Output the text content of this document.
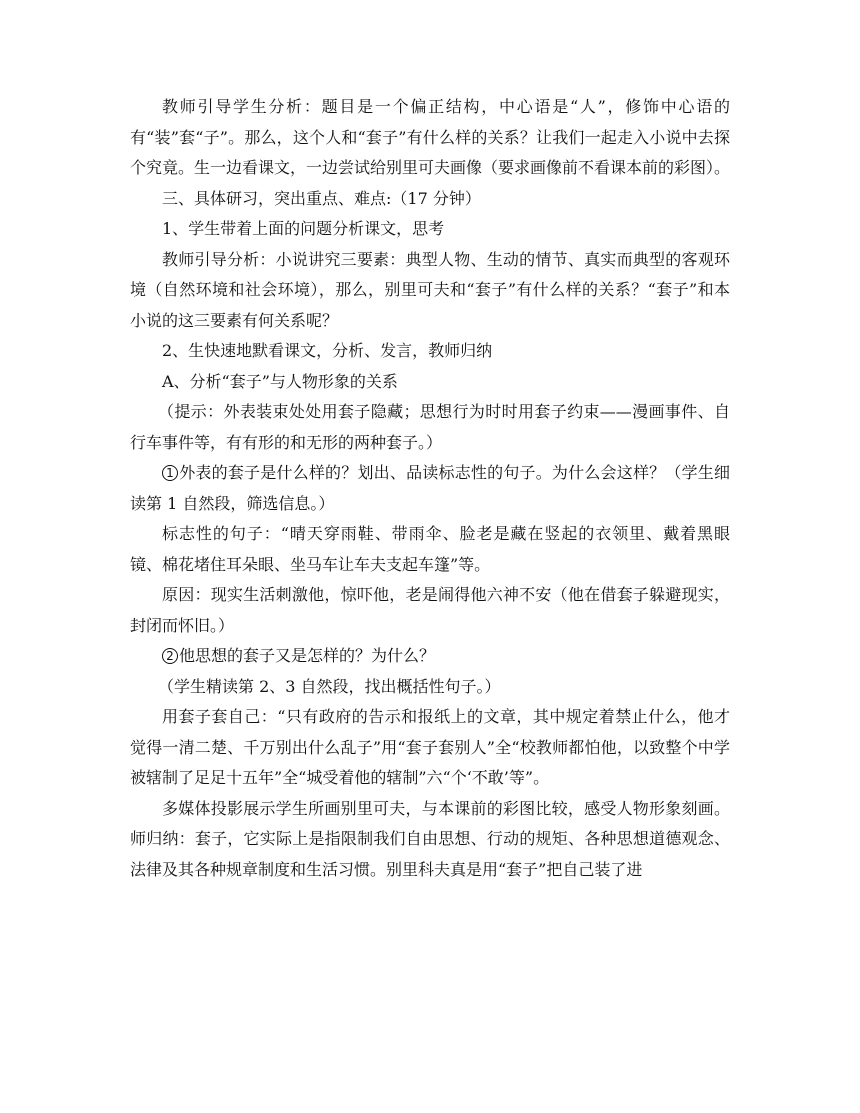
教师引导学生分析：题目是一个偏正结构，中心语是“人”，修饰中心语的有“装”套“子”。那么，这个人和“套子”有什么样的关系？让我们一起走入小说中去探个究竟。生一边看课文，一边尝试给别里可夫画像（要求画像前不看课本前的彩图）。

三、具体研习，突出重点、难点:（17 分钟）

1、学生带着上面的问题分析课文，思考

教师引导分析：小说讲究三要素：典型人物、生动的情节、真实而典型的客观环境（自然环境和社会环境），那么，别里可夫和“套子”有什么样的关系？“套子”和本小说的这三要素有何关系呢？

2、生快速地默看课文，分析、发言，教师归纳

A、分析“套子”与人物形象的关系

（提示：外表装束处处用套子隐藏；思想行为时时用套子约束——漫画事件、自行车事件等，有有形的和无形的两种套子。）

1 外表的套子是什么样的？划出、品读标志性的句子。为什么会这样？（学生细读第 1 自然段，筛选信息。）

标志性的句子：“晴天穿雨鞋、带雨伞、脸老是藏在竖起的衣领里、戴着黑眼镜、棉花堵住耳朵眼、坐马车让车夫支起车篷”等。

原因：现实生活刺激他，惊吓他，老是闹得他六神不安（他在借套子躲避现实，封闭而怀旧。）

2 他思想的套子又是怎样的？为什么？

（学生精读第 2、3 自然段，找出概括性句子。）

用套子套自己：“只有政府的告示和报纸上的文章，其中规定着禁止什么，他才觉得一清二楚、千万别出什么乱子”用“套子套别人”全“校教师都怕他，以致整个中学被辖制了足足十五年”全“城受着他的辖制”六“个‘不敢’等”。

多媒体投影展示学生所画别里可夫，与本课前的彩图比较，感受人物形象刻画。师归纳：套子，它实际上是指限制我们自由思想、行动的规矩、各种思想道德观念、法律及其各种规章制度和生活习惯。别里科夫真是用“套子”把自己装了进
